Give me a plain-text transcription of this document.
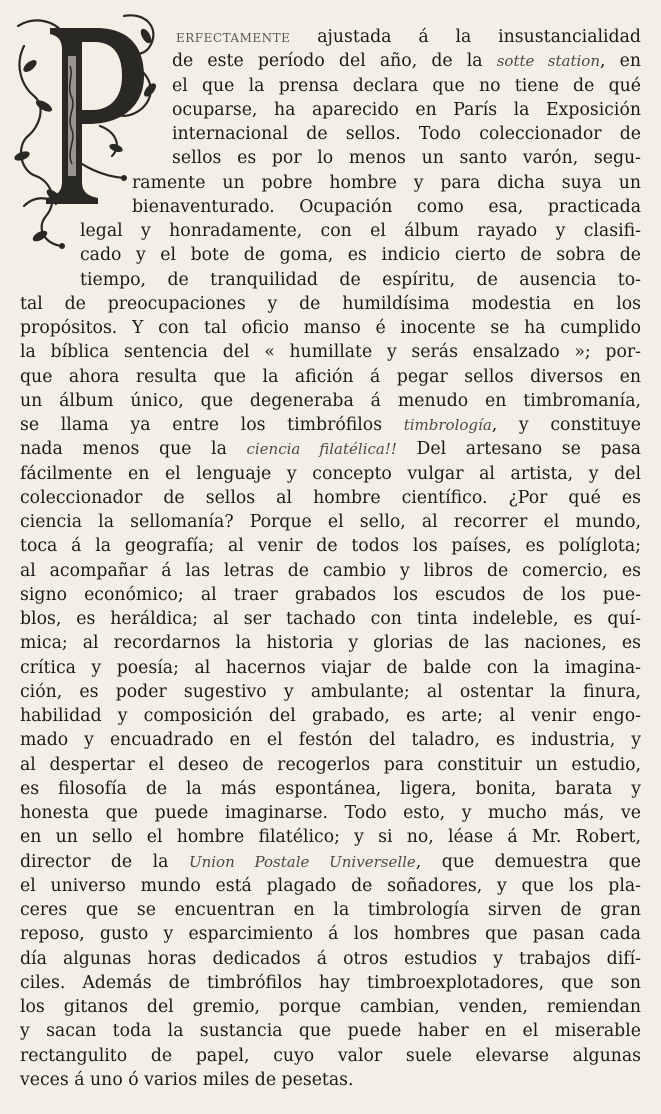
ERFECTAMENTE ajustada á la insustancialidad
de este período del año, de la sotte station, en
el que la prensa declara que no tiene de qué
ocuparse, ha aparecido en París la Exposición
internacional de sellos. Todo coleccionador de
sellos es por lo menos un santo varón, segu-
ramente un pobre hombre y para dicha suya un
bienaventurado. Ocupación como esa, practicada
legal y honradamente, con el álbum rayado y clasifi-
cado y el bote de goma, es indicio cierto de sobra de
tiempo, de tranquilidad de espíritu, de ausencia to-
tal de preocupaciones y de humildísima modestia en los
propósitos. Y con tal oficio manso é inocente se ha cumplido
la bíblica sentencia del « humillate y serás ensalzado »; por-
que ahora resulta que la afición á pegar sellos diversos en
un álbum único, que degeneraba á menudo en timbromanía,
se llama ya entre los timbrófilos timbrología, y constituye
nada menos que la ciencia filatélica!! Del artesano se pasa
fácilmente en el lenguaje y concepto vulgar al artista, y del
coleccionador de sellos al hombre científico. ¿Por qué es
ciencia la sellomanía? Porque el sello, al recorrer el mundo,
toca á la geografía; al venir de todos los países, es políglota;
al acompañar á las letras de cambio y libros de comercio, es
signo económico; al traer grabados los escudos de los pue-
blos, es heráldica; al ser tachado con tinta indeleble, es quí-
mica; al recordarnos la historia y glorias de las naciones, es
crítica y poesía; al hacernos viajar de balde con la imagina-
ción, es poder sugestivo y ambulante; al ostentar la finura,
habilidad y composición del grabado, es arte; al venir engo-
mado y encuadrado en el festón del taladro, es industria, y
al despertar el deseo de recogerlos para constituir un estudio,
es filosofía de la más espontánea, ligera, bonita, barata y
honesta que puede imaginarse. Todo esto, y mucho más, ve
en un sello el hombre filatélico; y si no, léase á Mr. Robert,
director de la Union Postale Universelle, que demuestra que
el universo mundo está plagado de soñadores, y que los pla-
ceres que se encuentran en la timbrología sirven de gran
reposo, gusto y esparcimiento á los hombres que pasan cada
día algunas horas dedicados á otros estudios y trabajos difí-
ciles. Además de timbrófilos hay timbroexplotadores, que son
los gitanos del gremio, porque cambian, venden, remiendan
y sacan toda la sustancia que puede haber en el miserable
rectangulito de papel, cuyo valor suele elevarse algunas
veces á uno ó varios miles de pesetas.
